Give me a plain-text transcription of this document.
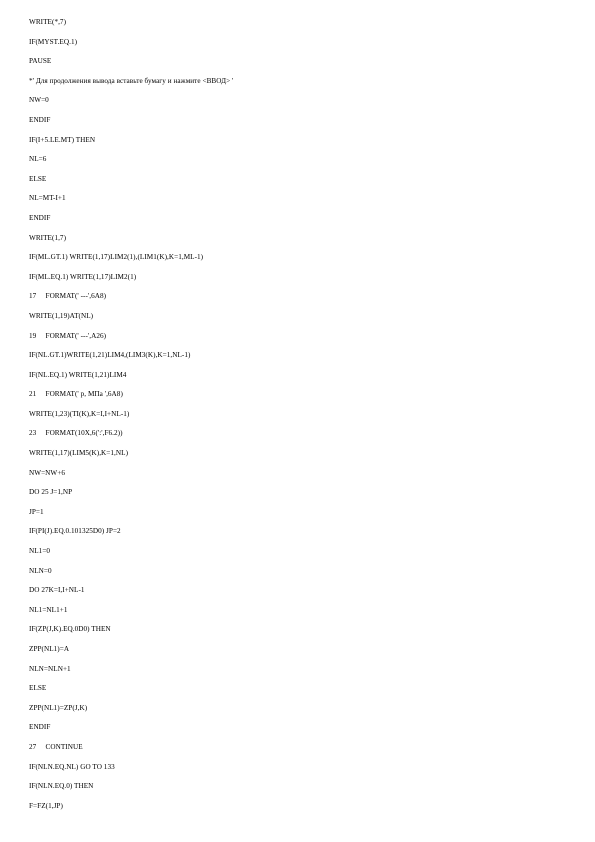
WRITE(*,7)
IF(MYST.EQ.1)
PAUSE
*' Для продолжения вывода вставьте бумагу и нажмите <ВВОД> '
NW=0
ENDIF
IF(I+5.LE.MT) THEN
NL=6
ELSE
NL=MT-I+1
ENDIF
WRITE(1,7)
IF(ML.GT.1) WRITE(1,17)LIM2(1),(LIM1(K),K=1,ML-1)
IF(ML.EQ.1) WRITE(1,17)LIM2(1)
17     FORMAT(' ---',6A8)
WRITE(1,19)AT(NL)
19     FORMAT(' ---',A26)
IF(NL.GT.1)WRITE(1,21)LIM4,(LIM3(K),K=1,NL-1)
IF(NL.EQ.1) WRITE(1,21)LIM4
21     FORMAT(' р, МПа ',6A8)
WRITE(1,23)(TI(K),K=I,I+NL-1)
23     FORMAT(10X,6(':',F6.2))
WRITE(1,17)(LIM5(K),K=1,NL)
NW=NW+6
DO 25 J=1,NP
JP=1
IF(PI(J).EQ.0.101325D0) JP=2
NL1=0
NLN=0
DO 27K=I,I+NL-1
NL1=NL1+1
IF(ZP(J,K).EQ.0D0) THEN
ZPP(NL1)=A
NLN=NLN+1
ELSE
ZPP(NL1)=ZP(J,K)
ENDIF
27     CONTINUE
IF(NLN.EQ.NL) GO TO 133
IF(NLN.EQ.0) THEN
F=FZ(1,JP)
